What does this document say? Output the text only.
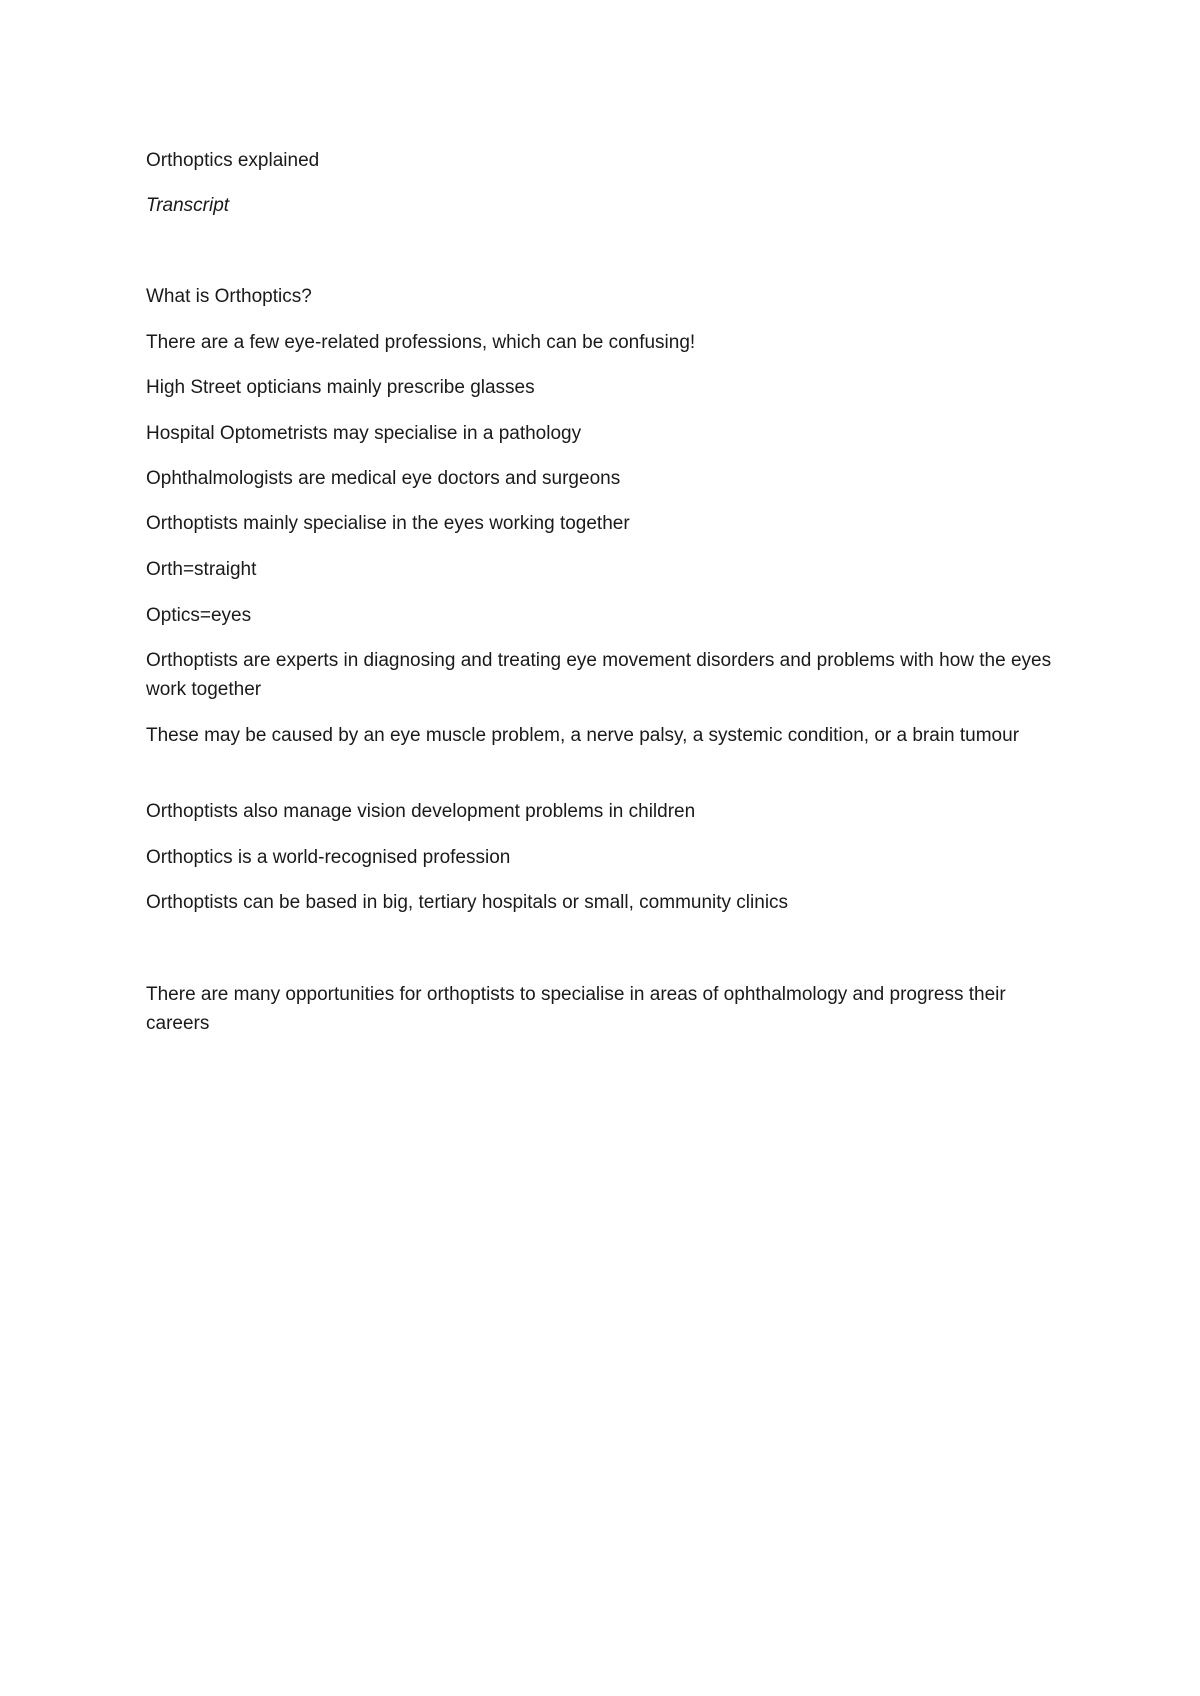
Orthoptics explained

Transcript

What is Orthoptics?

There are a few eye-related professions, which can be confusing!

High Street opticians mainly prescribe glasses

Hospital Optometrists may specialise in a pathology

Ophthalmologists are medical eye doctors and surgeons

Orthoptists mainly specialise in the eyes working together

Orth=straight

Optics=eyes

Orthoptists are experts in diagnosing and treating eye movement disorders and problems with how the eyes work together

These may be caused by an eye muscle problem, a nerve palsy, a systemic condition, or a brain tumour

Orthoptists also manage vision development problems in children

Orthoptics is a world-recognised profession

Orthoptists can be based in big, tertiary hospitals or small, community clinics

There are many opportunities for orthoptists to specialise in areas of ophthalmology and progress their careers
